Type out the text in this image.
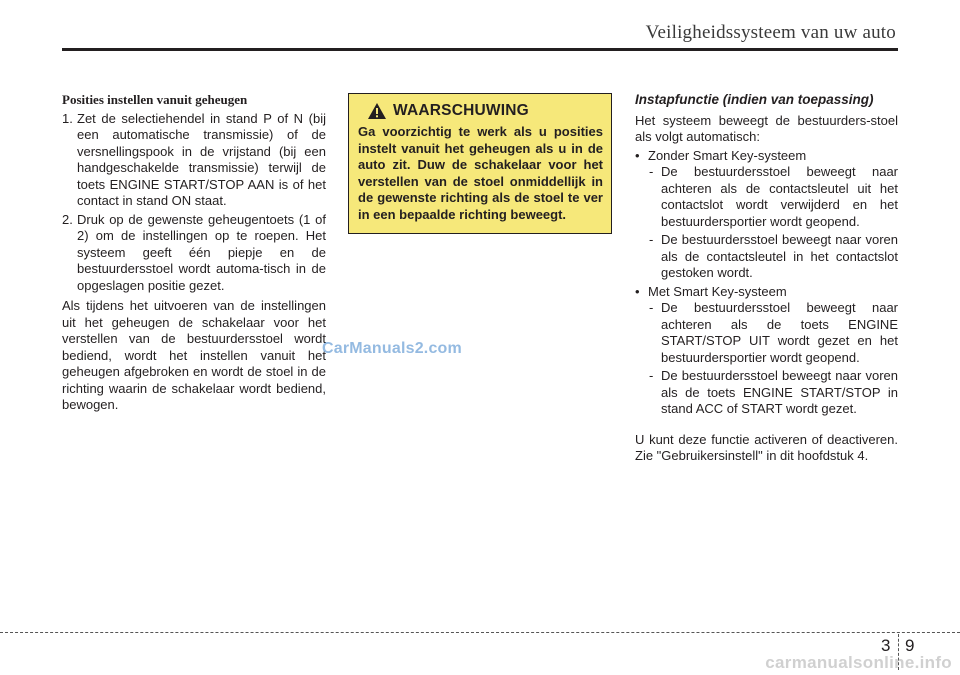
Veiligheidssysteem van uw auto
Posities instellen vanuit geheugen
1. Zet de selectiehendel in stand P of N (bij een automatische transmissie) of de versnellingspook in de vrijstand (bij een handgeschakelde transmissie) terwijl de toets ENGINE START/STOP AAN is of het contact in stand ON staat.
2. Druk op de gewenste geheugentoets (1 of 2) om de instellingen op te roepen. Het systeem geeft één piepje en de bestuurdersstoel wordt automa-tisch in de opgeslagen positie gezet.

Als tijdens het uitvoeren van de instellingen uit het geheugen de schakelaar voor het verstellen van de bestuurdersstoel wordt bediend, wordt het instellen vanuit het geheugen afgebroken en wordt de stoel in de richting waarin de schakelaar wordt bediend, bewogen.

WAARSCHUWING

Ga voorzichtig te werk als u posities instelt vanuit het geheugen als u in de auto zit. Duw de schakelaar voor het verstellen van de stoel onmiddellijk in de gewenste richting als de stoel te ver in een bepaalde richting beweegt.

Instapfunctie (indien van toepassing)

Het systeem beweegt de bestuurders-stoel als volgt automatisch:

• Zonder Smart Key-systeem
- De bestuurdersstoel beweegt naar achteren als de contactsleutel uit het contactslot wordt verwijderd en het bestuurdersportier wordt geopend.
- De bestuurdersstoel beweegt naar voren als de contactsleutel in het contactslot gestoken wordt.
• Met Smart Key-systeem
- De bestuurdersstoel beweegt naar achteren als de toets ENGINE START/STOP UIT wordt gezet en het bestuurdersportier wordt geopend.
- De bestuurdersstoel beweegt naar voren als de toets ENGINE START/STOP in stand ACC of START wordt gezet.

U kunt deze functie activeren of deactiveren. Zie "Gebruikersinstell" in dit hoofdstuk 4.

CarManuals2.com
3 9
carmanualsonline.info
